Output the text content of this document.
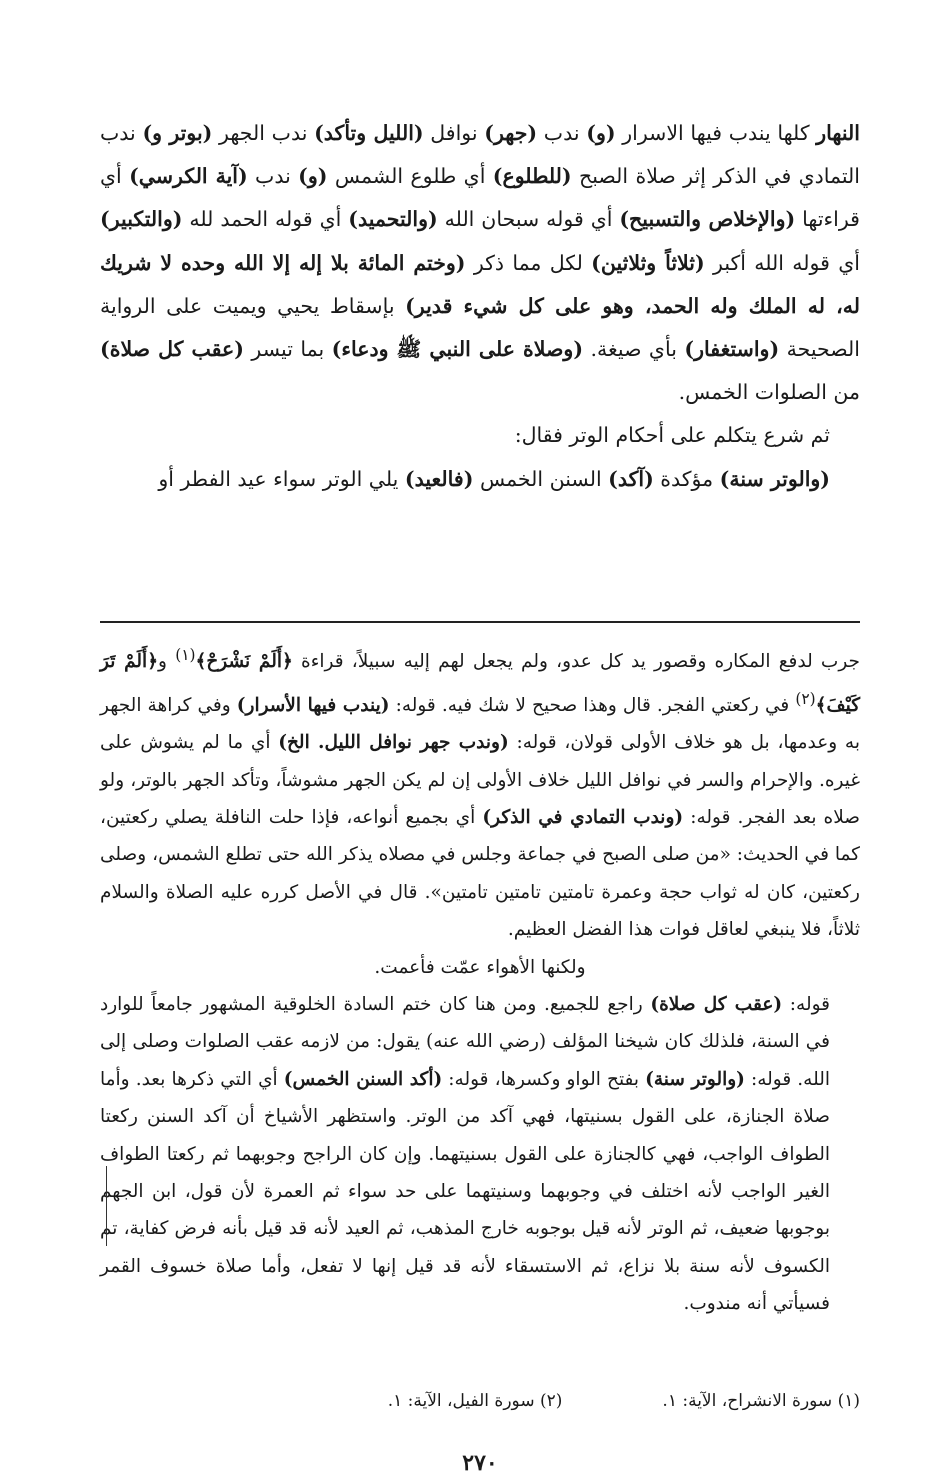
النهار كلها يندب فيها الاسرار (و) ندب (جهر) نوافل (الليل وتأكد) ندب الجهر (بوتر و) ندب التمادي في الذكر إثر صلاة الصبح (للطلوع) أي طلوع الشمس (و) ندب (آية الكرسي) أي قراءتها (والإخلاص والتسبيح) أي قوله سبحان الله (والتحميد) أي قوله الحمد لله (والتكبير) أي قوله الله أكبر (ثلاثاً وثلاثين) لكل مما ذكر (وختم المائة بلا إله إلا الله وحده لا شريك له، له الملك وله الحمد، وهو على كل شيء قدير) بإسقاط يحيي ويميت على الرواية الصحيحة (واستغفار) بأي صيغة. (وصلاة على النبي ﷺ ودعاء) بما تيسر (عقب كل صلاة) من الصلوات الخمس.

ثم شرع يتكلم على أحكام الوتر فقال:

(والوتر سنة) مؤكدة (آكد) السنن الخمس (فالعيد) يلي الوتر سواء عيد الفطر أو

جرب لدفع المكاره وقصور يد كل عدو، ولم يجعل لهم إليه سبيلاً، قراءة ﴿أَلَمْ نَشْرَحْ﴾$^{(١)}$ و﴿أَلَمْ تَرَ كَيْفَ﴾$^{(٢)}$ في ركعتي الفجر. قال وهذا صحيح لا شك فيه. قوله: (يندب فيها الأسرار) وفي كراهة الجهر به وعدمها، بل هو خلاف الأولى قولان، قوله: (وندب جهر نوافل الليل. الخ) أي ما لم يشوش على غيره. والإحرام والسر في نوافل الليل خلاف الأولى إن لم يكن الجهر مشوشاً، وتأكد الجهر بالوتر، ولو صلاه بعد الفجر. قوله: (وندب التمادي في الذكر) أي بجميع أنواعه، فإذا حلت النافلة يصلي ركعتين، كما في الحديث: «من صلى الصبح في جماعة وجلس في مصلاه يذكر الله حتى تطلع الشمس، وصلى ركعتين، كان له ثواب حجة وعمرة تامتين تامتين تامتين». قال في الأصل كرره عليه الصلاة والسلام ثلاثاً، فلا ينبغي لعاقل فوات هذا الفضل العظيم.

ولكنها الأهواء عمّت فأعمت.

قوله: (عقب كل صلاة) راجع للجميع. ومن هنا كان ختم السادة الخلوقية المشهور جامعاً للوارد في السنة، فلذلك كان شيخنا المؤلف (رضي الله عنه) يقول: من لازمه عقب الصلوات وصلى إلى الله. قوله: (والوتر سنة) بفتح الواو وكسرها، قوله: (أكد السنن الخمس) أي التي ذكرها بعد. وأما صلاة الجنازة، على القول بسنيتها، فهي آكد من الوتر. واستظهر الأشياخ أن آكد السنن ركعتا الطواف الواجب، فهي كالجنازة على القول بسنيتهما. وإن كان الراجح وجوبهما ثم ركعتا الطواف الغير الواجب لأنه اختلف في وجوبهما وسنيتهما على حد سواء ثم العمرة لأن قول، ابن الجهم بوجوبها ضعيف، ثم الوتر لأنه قيل بوجوبه خارج المذهب، ثم العيد لأنه قد قيل بأنه فرض كفاية، تم الكسوف لأنه سنة بلا نزاع، ثم الاستسقاء لأنه قد قيل إنها لا تفعل، وأما صلاة خسوف القمر فسيأتي أنه مندوب.

(١) سورة الانشراح، الآية: ١.
(٢) سورة الفيل، الآية: ١.
٢٧٠
